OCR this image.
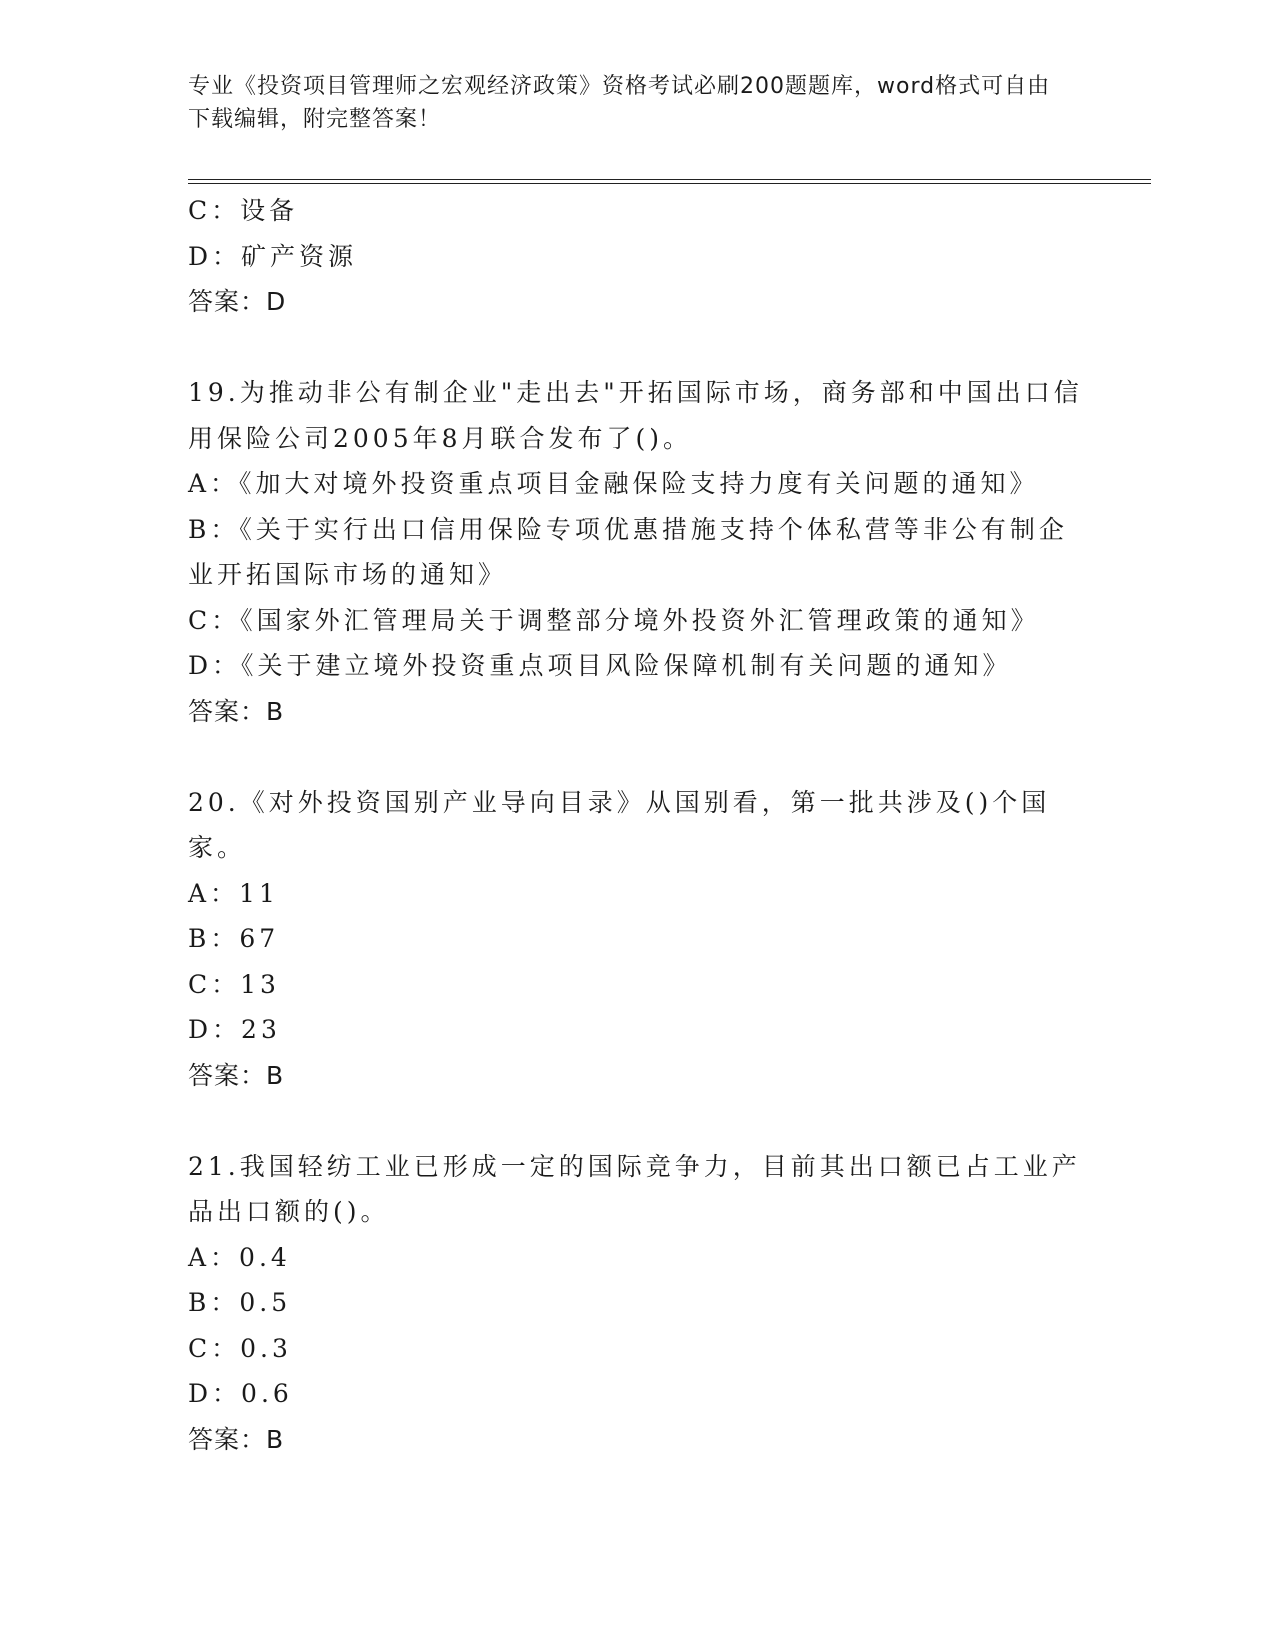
专业《投资项目管理师之宏观经济政策》资格考试必刷200题题库，word格式可自由下载编辑，附完整答案！

C：设备

D：矿产资源

答案：D

19.为推动非公有制企业"走出去"开拓国际市场，商务部和中国出口信用保险公司2005年8月联合发布了()。

A：《加大对境外投资重点项目金融保险支持力度有关问题的通知》

B：《关于实行出口信用保险专项优惠措施支持个体私营等非公有制企业开拓国际市场的通知》

C：《国家外汇管理局关于调整部分境外投资外汇管理政策的通知》

D：《关于建立境外投资重点项目风险保障机制有关问题的通知》

答案：B

20.《对外投资国别产业导向目录》从国别看，第一批共涉及()个国家。

A：11

B：67

C：13

D：23

答案：B

21.我国轻纺工业已形成一定的国际竞争力，目前其出口额已占工业产品出口额的()。

A：0.4

B：0.5

C：0.3

D：0.6

答案：B
